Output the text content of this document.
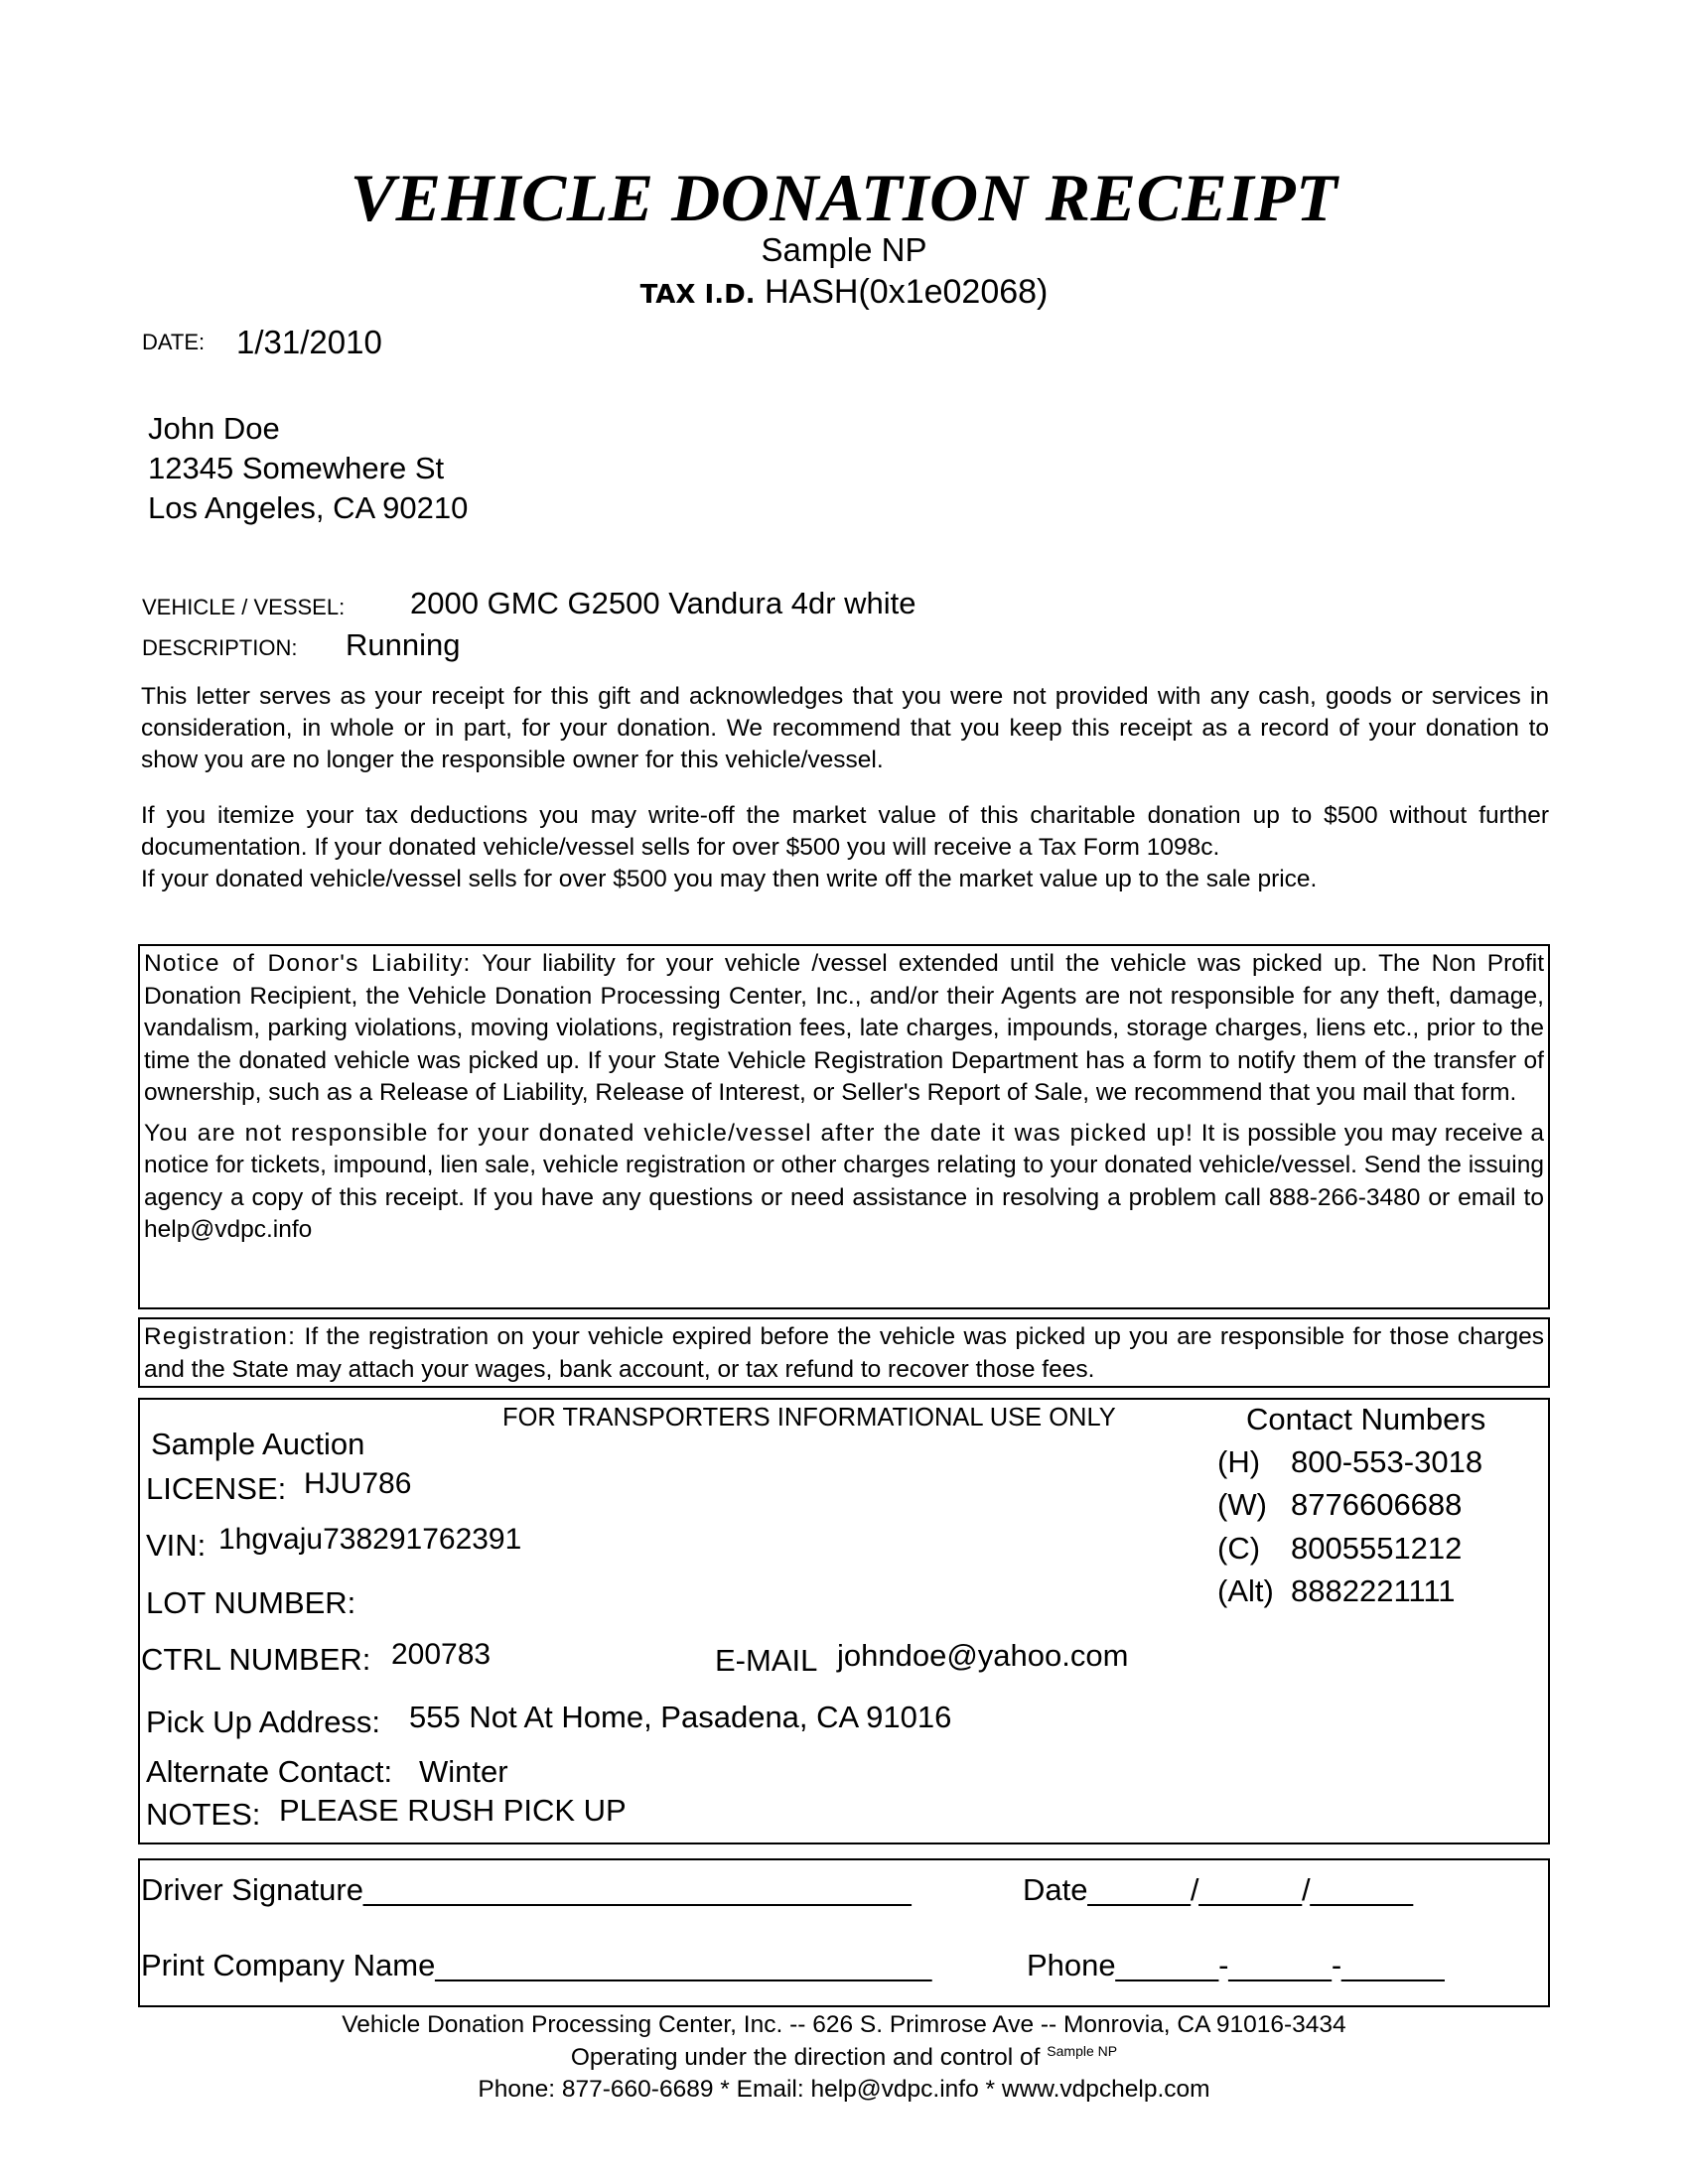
VEHICLE DONATION RECEIPT
Sample NP
TAX I.D. HASH(0x1e02068)
DATE: 1/31/2010
John Doe
12345 Somewhere St
Los Angeles, CA 90210
VEHICLE / VESSEL: 2000 GMC G2500 Vandura 4dr white
DESCRIPTION: Running
This letter serves as your receipt for this gift and acknowledges that you were not provided with any cash, goods or services in consideration, in whole or in part, for your donation. We recommend that you keep this receipt as a record of your donation to show you are no longer the responsible owner for this vehicle/vessel.
If you itemize your tax deductions you may write-off the market value of this charitable donation up to $500 without further documentation. If your donated vehicle/vessel sells for over $500 you will receive a Tax Form 1098c.
If your donated vehicle/vessel sells for over $500 you may then write off the market value up to the sale price.
Notice of Donor's Liability: Your liability for your vehicle /vessel extended until the vehicle was picked up. The Non Profit Donation Recipient, the Vehicle Donation Processing Center, Inc., and/or their Agents are not responsible for any theft, damage, vandalism, parking violations, moving violations, registration fees, late charges, impounds, storage charges, liens etc., prior to the time the donated vehicle was picked up. If your State Vehicle Registration Department has a form to notify them of the transfer of ownership, such as a Release of Liability, Release of Interest, or Seller's Report of Sale, we recommend that you mail that form.
You are not responsible for your donated vehicle/vessel after the date it was picked up! It is possible you may receive a notice for tickets, impound, lien sale, vehicle registration or other charges relating to your donated vehicle/vessel. Send the issuing agency a copy of this receipt. If you have any questions or need assistance in resolving a problem call 888-266-3480 or email to help@vdpc.info
Registration: If the registration on your vehicle expired before the vehicle was picked up you are responsible for those charges and the State may attach your wages, bank account, or tax refund to recover those fees.
FOR TRANSPORTERS INFORMATIONAL USE ONLY
Sample Auction
LICENSE: HJU786
VIN: 1hgvaju738291762391
LOT NUMBER:
CTRL NUMBER: 200783	E-MAIL johndoe@yahoo.com
Pick Up Address: 555 Not At Home, Pasadena, CA 91016
Alternate Contact: Winter
NOTES: PLEASE RUSH PICK UP
Contact Numbers
(H) 800-553-3018
(W) 8776606688
(C) 8005551212
(Alt) 8882221111
Driver Signature________________________________	Date______/______/______
Print Company Name_____________________________	Phone______-______-______
Vehicle Donation Processing Center, Inc. -- 626 S. Primrose Ave -- Monrovia, CA 91016-3434
Operating under the direction and control of $^{Sample NP}$
Phone: 877-660-6689 * Email: help@vdpc.info * www.vdpchelp.com
